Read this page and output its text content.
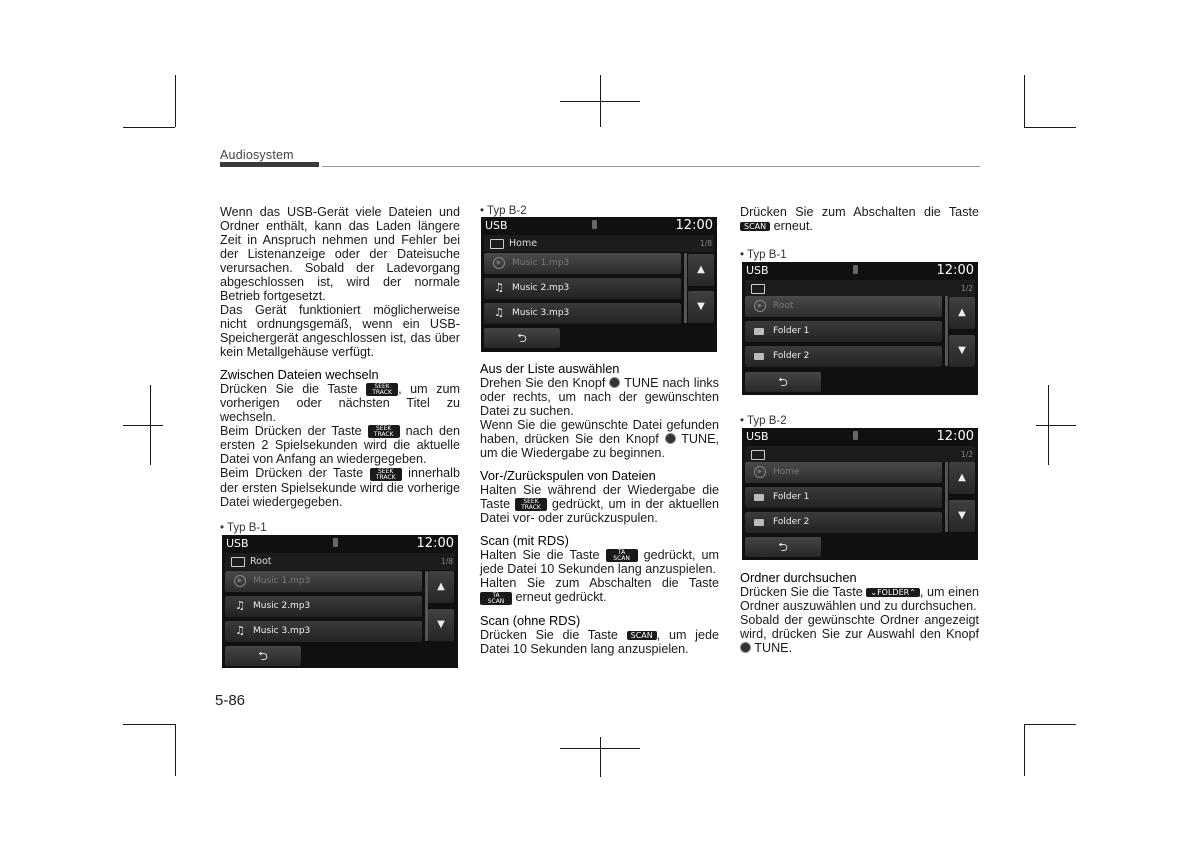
Audiosystem

Wenn das USB-Gerät viele Dateien und Ordner enthält, kann das Laden längere Zeit in Anspruch nehmen und Fehler bei der Listenanzeige oder der Dateisuche verursachen. Sobald der Ladevorgang abgeschlossen ist, wird der normale Betrieb fortgesetzt.

Das Gerät funktioniert möglicherweise nicht ordnungsgemäß, wenn ein USB-Speichergerät angeschlossen ist, das über kein Metallgehäuse verfügt.

Zwischen Dateien wechseln

Drücken Sie die Taste	SEEK
TRACK , um zum vorherigen oder nächsten Titel zu wechseln.

Beim Drücken der Taste SEEK
TRACK nach den ersten 2 Spielsekunden wird die aktuelle Datei von Anfang an wiedergegeben.

Beim Drücken der Taste SEEK
TRACK innerhalb der ersten Spielsekunde wird die vorherige Datei wiedergegeben.

• Typ B-1
USB	12:00
Root	1/8
▶	Music 1.mp3
♫ Music 2.mp3
♫ Music 3.mp3
▲
▼
⮌
• Typ B-2
USB	12:00
Home	1/8
▶	Music 1.mp3
♫ Music 2.mp3
♫ Music 3.mp3
▲
▼
⮌
Aus der Liste auswählen

Drehen Sie den Knopf TUNE nach links oder rechts, um nach der gewünschten Datei zu suchen.

Wenn Sie die gewünschte Datei gefunden haben, drücken Sie den Knopf TUNE, um die Wiedergabe zu beginnen.

Vor-/Zurückspulen von Dateien

Halten Sie während der Wiedergabe die Taste SEEK
TRACK gedrückt, um in der aktuellen Datei vor- oder zurückzuspulen.

Scan (mit RDS)

Halten Sie die Taste	TA
SCAN gedrückt, um jede Datei 10 Sekunden lang anzuspielen.

Halten Sie zum Abschalten die Taste TA
SCAN erneut gedrückt.

Scan (ohne RDS)

Drücken Sie die Taste SCAN , um jede Datei 10 Sekunden lang anzuspielen.

Drücken Sie zum Abschalten die Taste SCAN erneut.

• Typ B-1
USB	12:00
1/2
▶	Root
Folder 1
Folder 2
▲
▼
⮌
• Typ B-2
USB	12:00
1/2
▶	Home
Folder 1
Folder 2
▲
▼
⮌
Ordner durchsuchen

Drücken Sie die Taste ⌄FOLDER⌃ , um einen Ordner auszuwählen und zu durchsuchen.

Sobald der gewünschte Ordner angezeigt wird, drücken Sie zur Auswahl den Knopf  TUNE.

5-86
